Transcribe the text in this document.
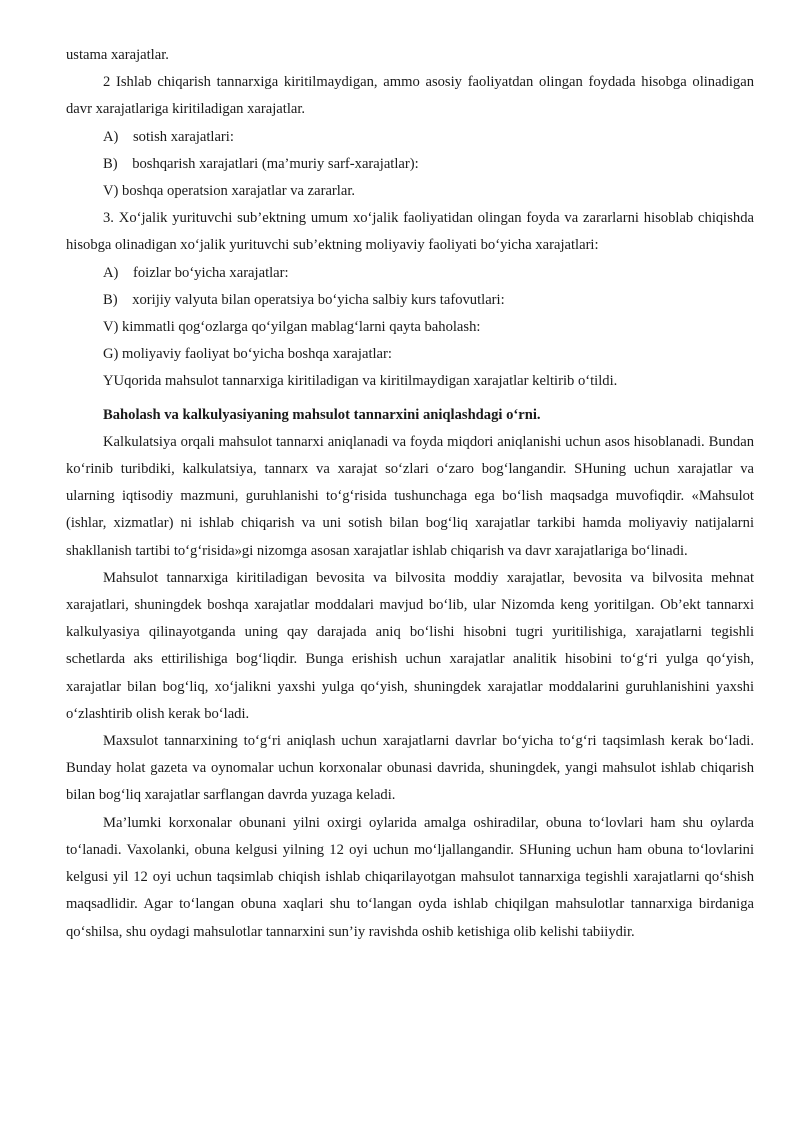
ustama xarajatlar.

2 Ishlab chiqarish tannarxiga kiritilmaydigan, ammo asosiy faoliyatdan olingan foydada hisobga olinadigan davr xarajatlariga kiritiladigan xarajatlar.

A) sotish xarajatlari:

B) boshqarish xarajatlari (ma’muriy sarf-xarajatlar):

V) boshqa operatsion xarajatlar va zararlar.

3. Xo‘jalik yurituvchi sub’ektning umum xo‘jalik faoliyatidan olingan foyda va zararlarni hisoblab chiqishda hisobga olinadigan xo‘jalik yurituvchi sub’ektning moliyaviy faoliyati bo‘yicha xarajatlari:

A) foizlar bo‘yicha xarajatlar:

B) xorijiy valyuta bilan operatsiya bo‘yicha salbiy kurs tafovutlari:

V) kimmatli qog‘ozlarga qo‘yilgan mablag‘larni qayta baholash:

G) moliyaviy faoliyat bo‘yicha boshqa xarajatlar:

YUqorida mahsulot tannarxiga kiritiladigan va kiritilmaydigan xarajatlar keltirib o‘tildi.

Baholash va kalkulyasiyaning mahsulot tannarxini aniqlashdagi o‘rni.

Kalkulatsiya orqali mahsulot tannarxi aniqlanadi va foyda miqdori aniqlanishi uchun asos hisoblanadi. Bundan ko‘rinib turibdiki, kalkulatsiya, tannarx va xarajat so‘zlari o‘zaro bog‘langandir. SHuning uchun xarajatlar va ularning iqtisodiy mazmuni, guruhlanishi to‘g‘risida tushunchaga ega bo‘lish maqsadga muvofiqdir. «Mahsulot (ishlar, xizmatlar) ni ishlab chiqarish va uni sotish bilan bog‘liq xarajatlar tarkibi hamda moliyaviy natijalarni shakllanish tartibi to‘g‘risida»gi nizomga asosan xarajatlar ishlab chiqarish va davr xarajatlariga bo‘linadi.

Mahsulot tannarxiga kiritiladigan bevosita va bilvosita moddiy xarajatlar, bevosita va bilvosita mehnat xarajatlari, shuningdek boshqa xarajatlar moddalari mavjud bo‘lib, ular Nizomda keng yoritilgan. Ob’ekt tannarxi kalkulyasiya qilinayotganda uning qay darajada aniq bo‘lishi hisobni tugri yuritilishiga, xarajatlarni tegishli schetlarda aks ettirilishiga bog‘liqdir. Bunga erishish uchun xarajatlar analitik hisobini to‘g‘ri yulga qo‘yish, xarajatlar bilan bog‘liq, xo‘jalikni yaxshi yulga qo‘yish, shuningdek xarajatlar moddalarini guruhlanishini yaxshi o‘zlashtirib olish kerak bo‘ladi.

Maxsulot tannarxining to‘g‘ri aniqlash uchun xarajatlarni davrlar bo‘yicha to‘g‘ri taqsimlash kerak bo‘ladi. Bunday holat gazeta va oynomalar uchun korxonalar obunasi davrida, shuningdek, yangi mahsulot ishlab chiqarish bilan bog‘liq xarajatlar sarflangan davrda yuzaga keladi.

Ma’lumki korxonalar obunani yilni oxirgi oylarida amalga oshiradilar, obuna to‘lovlari ham shu oylarda to‘lanadi. Vaxolanki, obuna kelgusi yilning 12 oyi uchun mo‘ljallangandir. SHuning uchun ham obuna to‘lovlarini kelgusi yil 12 oyi uchun taqsimlab chiqish ishlab chiqarilayotgan mahsulot tannarxiga tegishli xarajatlarni qo‘shish maqsadlidir. Agar to‘langan obuna xaqlari shu to‘langan oyda ishlab chiqilgan mahsulotlar tannarxiga birdaniga qo‘shilsa, shu oydagi mahsulotlar tannarxini sun’iy ravishda oshib ketishiga olib kelishi tabiiydir.
